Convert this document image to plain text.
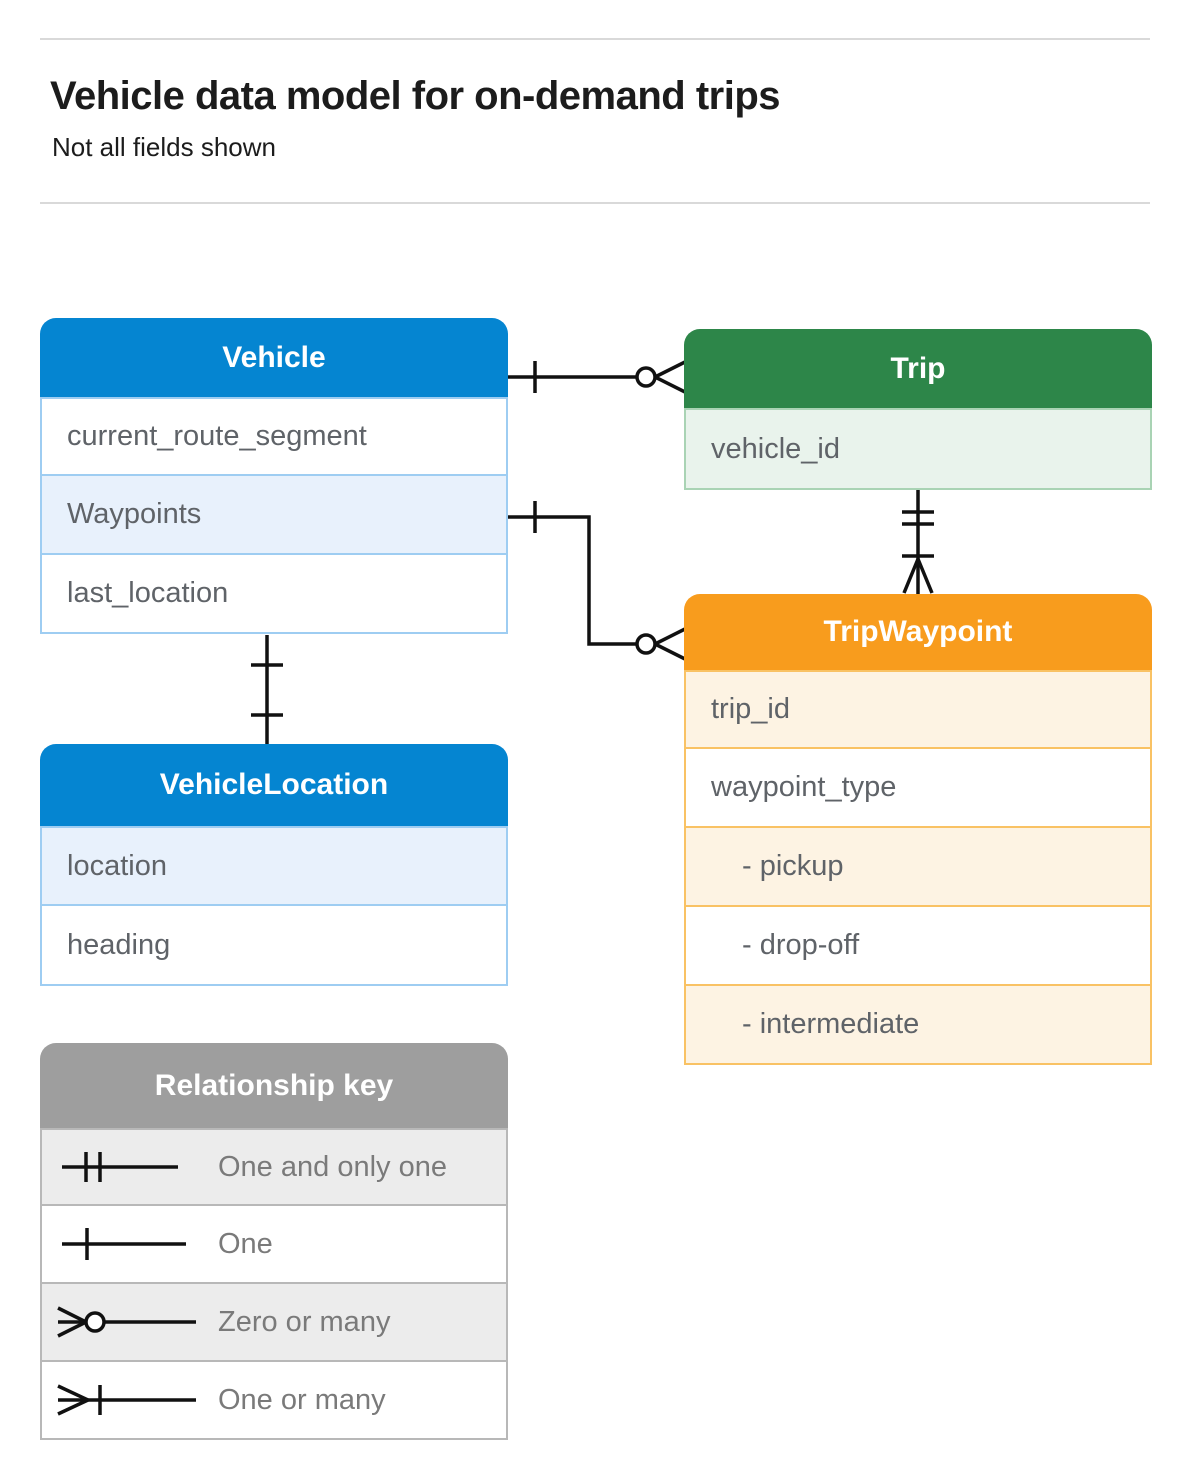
Vehicle data model for on-demand trips

Not all fields shown

Vehicle
current_route_segment
Waypoints
last_location
Trip
vehicle_id
TripWaypoint
trip_id
waypoint_type
- pickup
- drop-off
- intermediate
VehicleLocation
location
heading
Relationship key
One and only one
One
Zero or many
One or many
